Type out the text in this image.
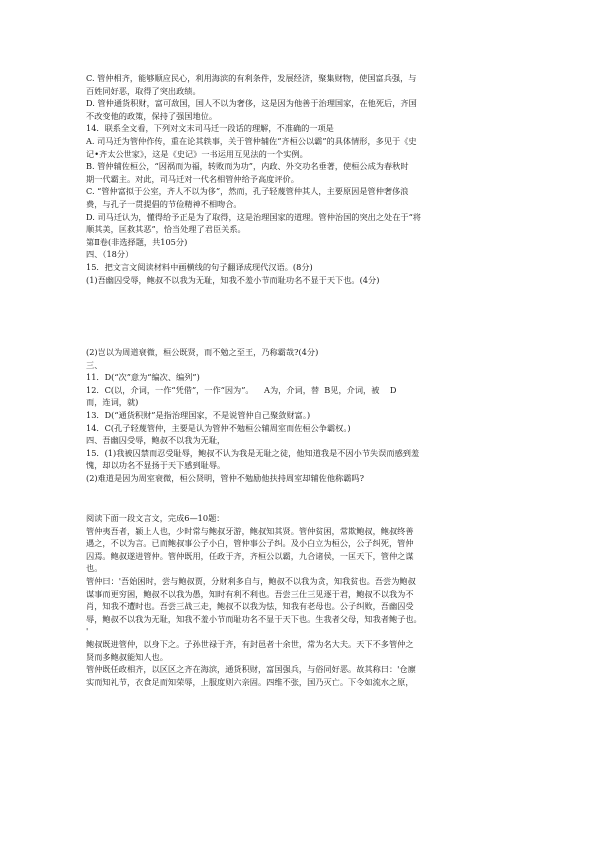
C. 管仲相齐，能够顺应民心，利用海滨的有利条件，发展经济，聚集财物，使国富兵强，与
百姓同好恶，取得了突出政绩。
D. 管仲通货积财，富可敌国，国人不以为奢侈，这是因为他善于治理国家，在他死后，齐国
不改变他的政策，保持了强国地位。
14．联系全文看，下列对文末司马迁一段话的理解，不准确的一项是
A. 司马迁为管仲作传，重在论其轶事，关于管仲辅佐“齐桓公以霸”的具体情形，多见于《史
记•齐太公世家》，这是《史记》一书运用互见法的一个实例。
B. 管仲辅佐桓公，“因祸而为福，转败而为功”，内政、外交功名垂著，使桓公成为春秋时
期一代霸主。对此，司马迁对一代名相管仲给予高度评价。
C. “管仲富拟于公室，齐人不以为侈”，然而，孔子轻蔑管仲其人，主要原因是管仲奢侈浪
费，与孔子一贯提倡的节俭精神不相吻合。
D. 司马迁认为，懂得给予正是为了取得，这是治理国家的道理。管仲治国的突出之处在于“将
顺其美，匡救其恶”，恰当处理了君臣关系。
第Ⅱ卷(非选择题，共105分)
四、（18分）
15．把文言文阅读材料中画横线的句子翻译成现代汉语。(8分)
(1)吾幽囚受辱，鲍叔不以我为无耻，知我不羞小节而耻功名不显于天下也。(4分)
(2)岂以为周道衰微，桓公既贤，而不勉之至王，乃称霸哉?(4分)
三、
11．D(“次”意为“编次、编列”)
12．C(以，介词，一作“凭借”，一作“因为”。    A为，介词，替  B见，介词，被    D
而，连词，就)
13．D(“通货积财”是指治理国家，不是说管仲自己聚敛财富。)
14．C(孔子轻蔑管仲，主要是认为管仲不勉桓公辅周室而佐桓公争霸权。)
四、吾幽囚受辱，鲍叔不以我为无耻，
15．(1)我被囚禁而忍受耻辱，鲍叔不认为我是无耻之徒，他知道我是不因小节失误而感到羞
愧，却以功名不显扬于天下感到耻辱。
(2)难道是因为周室衰微，桓公贤明，管仲不勉励他扶持周室却辅佐他称霸吗?
阅读下面一段文言文，完成6—10题：
管仲夷吾者，颍上人也，少时常与鲍叔牙游，鲍叔知其贤。管仲贫困，常欺鲍叔，鲍叔终善
遇之，不以为言。已而鲍叔事公子小白，管仲事公子纠。及小白立为桓公，公子纠死，管仲
囚焉。鲍叔遂进管仲。管仲既用，任政于齐，齐桓公以霸，九合诸侯，一匡天下，管仲之谋
也。
管仲曰：'吾始困时，尝与鲍叔贾，分财利多自与，鲍叔不以我为贪，知我贫也。吾尝为鲍叔
谋事而更穷困，鲍叔不以我为愚，知时有利不利也。吾尝三仕三见逐于君，鲍叔不以我为不
肖，知我不遭时也。吾尝三战三走，鲍叔不以我为怯，知我有老母也。公子纠败，吾幽囚受
辱，鲍叔不以我为无耻，知我不羞小节而耻功名不显于天下也。生我者父母，知我者鲍子也。
'
鲍叔既进管仲，以身下之。子孙世禄于齐，有封邑者十余世，常为名大夫。天下不多管仲之
贤而多鲍叔能知人也。
管仲既任政相齐，以区区之齐在海滨，通货积财，富国强兵，与俗同好恶。故其称曰：'仓廪
实而知礼节，衣食足而知荣辱，上服度则六亲固。四维不张，国乃灭亡。下令如流水之原，
